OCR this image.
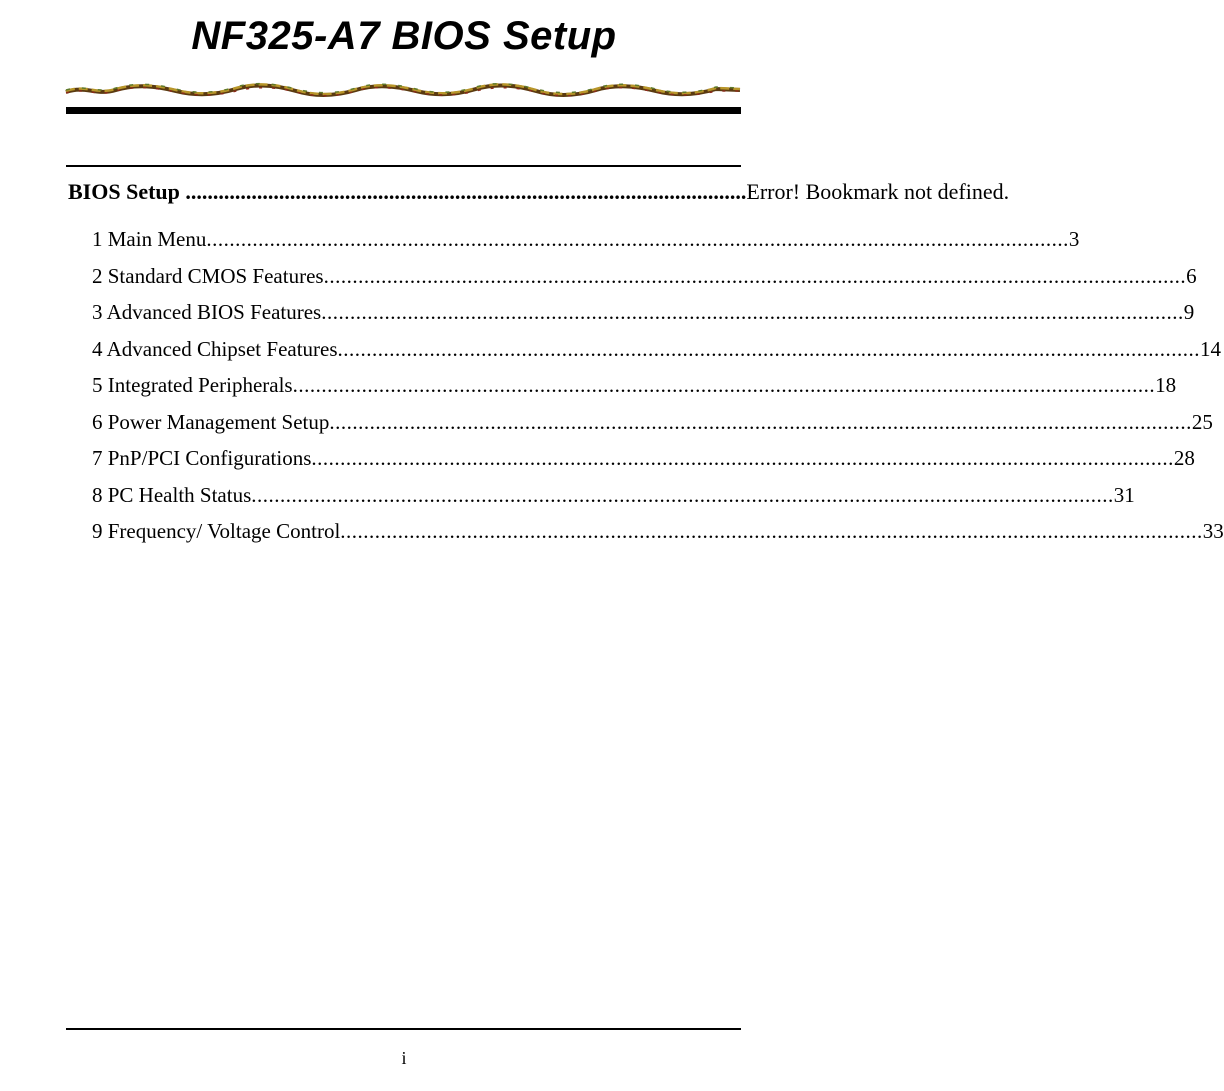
NF325-A7 BIOS Setup
BIOS Setup ...................................................................................................... Error! Bookmark not defined.
1 Main Menu ...................................................................................................................................................... 3
2 Standard CMOS Features ...................................................................................................................................................... 6
3 Advanced BIOS Features ...................................................................................................................................................... 9
4 Advanced Chipset Features ...................................................................................................................................................... 14
5 Integrated Peripherals ...................................................................................................................................................... 18
6 Power Management Setup ...................................................................................................................................................... 25
7 PnP/PCI Configurations ...................................................................................................................................................... 28
8 PC Health Status ...................................................................................................................................................... 31
9 Frequency/ Voltage Control ...................................................................................................................................................... 33
i
